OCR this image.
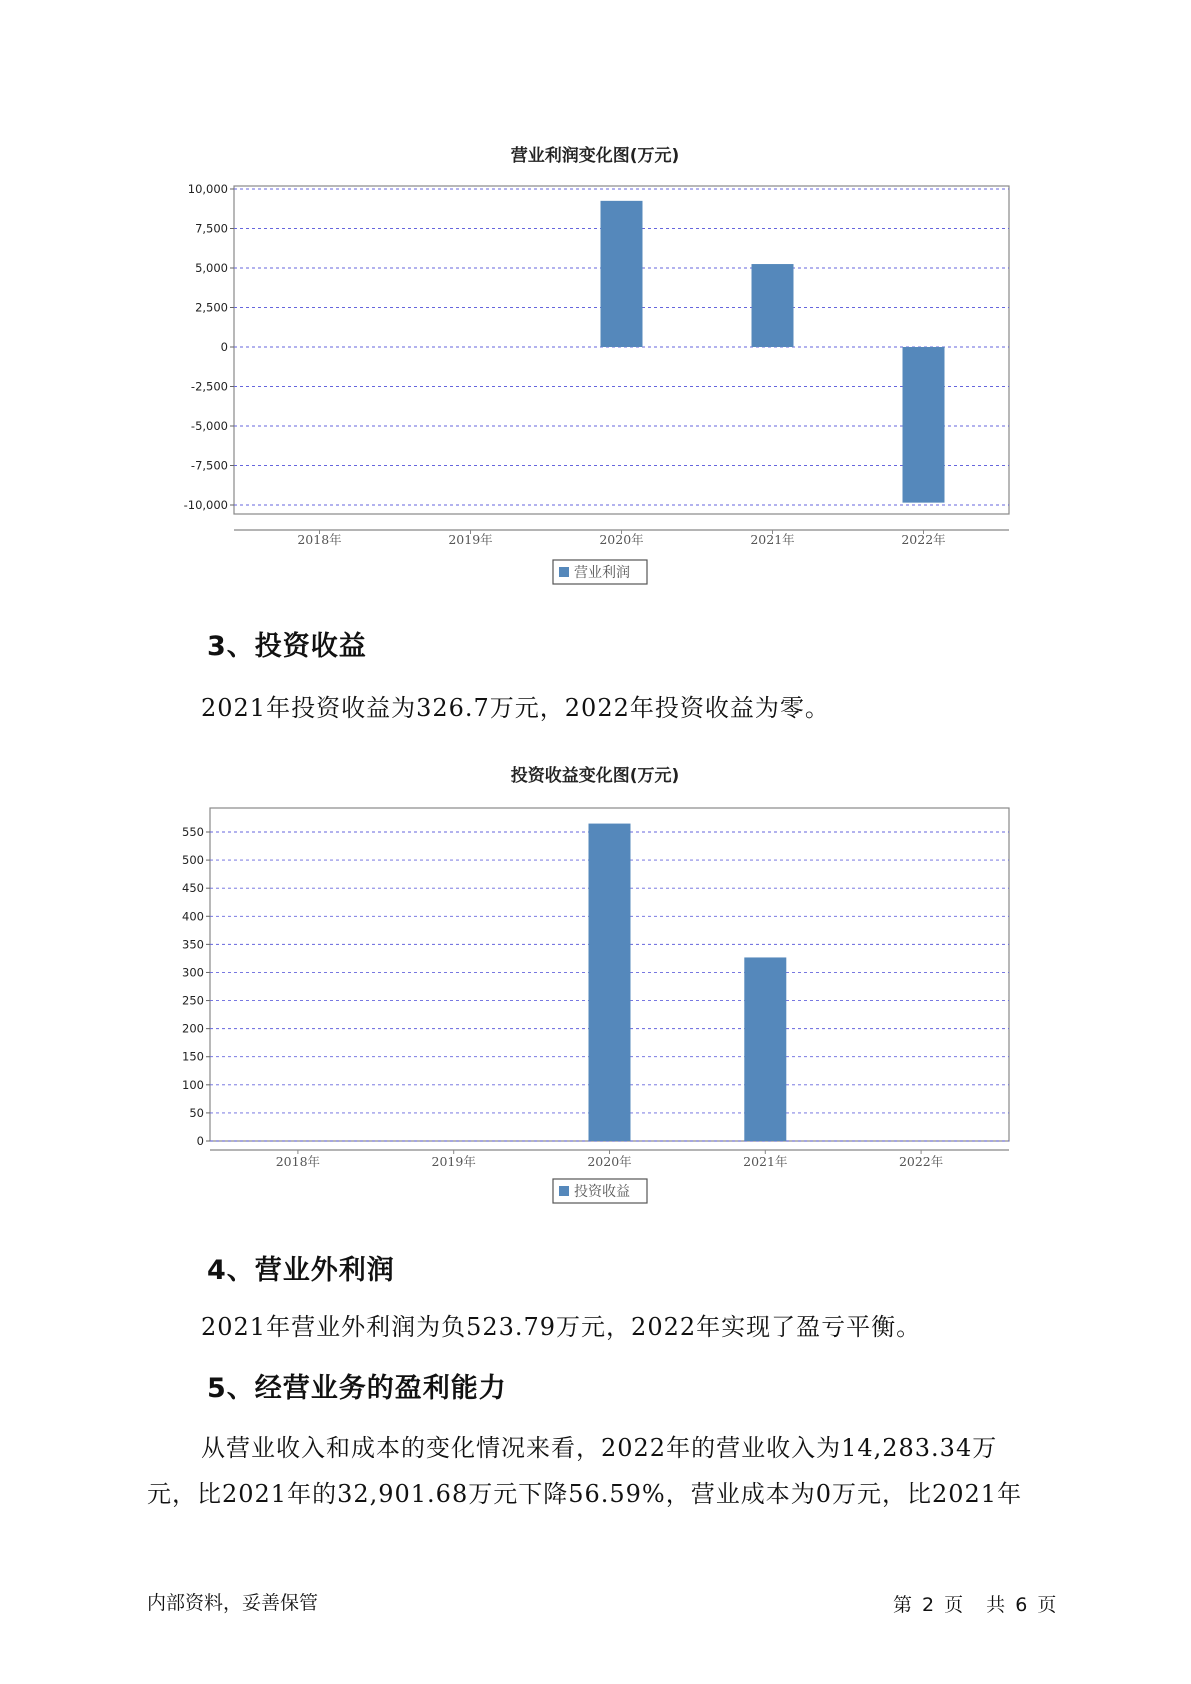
营业利润变化图(万元)
10,000
7,500
5,000
2,500
0
-2,500
-5,000
-7,500
-10,000
2018年	2019年	2020年	2021年	2022年
营业利润
3、投资收益

2021年投资收益为326.7万元，2022年投资收益为零。

投资收益变化图(万元)
550
500
450
400
350
300
250
200
150
100
50
0
2018年	2019年	2020年	2021年	2022年
投资收益
4、营业外利润

2021年营业外利润为负523.79万元，2022年实现了盈亏平衡。

5、经营业务的盈利能力

从营业收入和成本的变化情况来看，2022年的营业收入为14,283.34万

元，比2021年的32,901.68万元下降56.59%，营业成本为0万元，比2021年

内部资料，妥善保管	第 2 页　共 6 页
